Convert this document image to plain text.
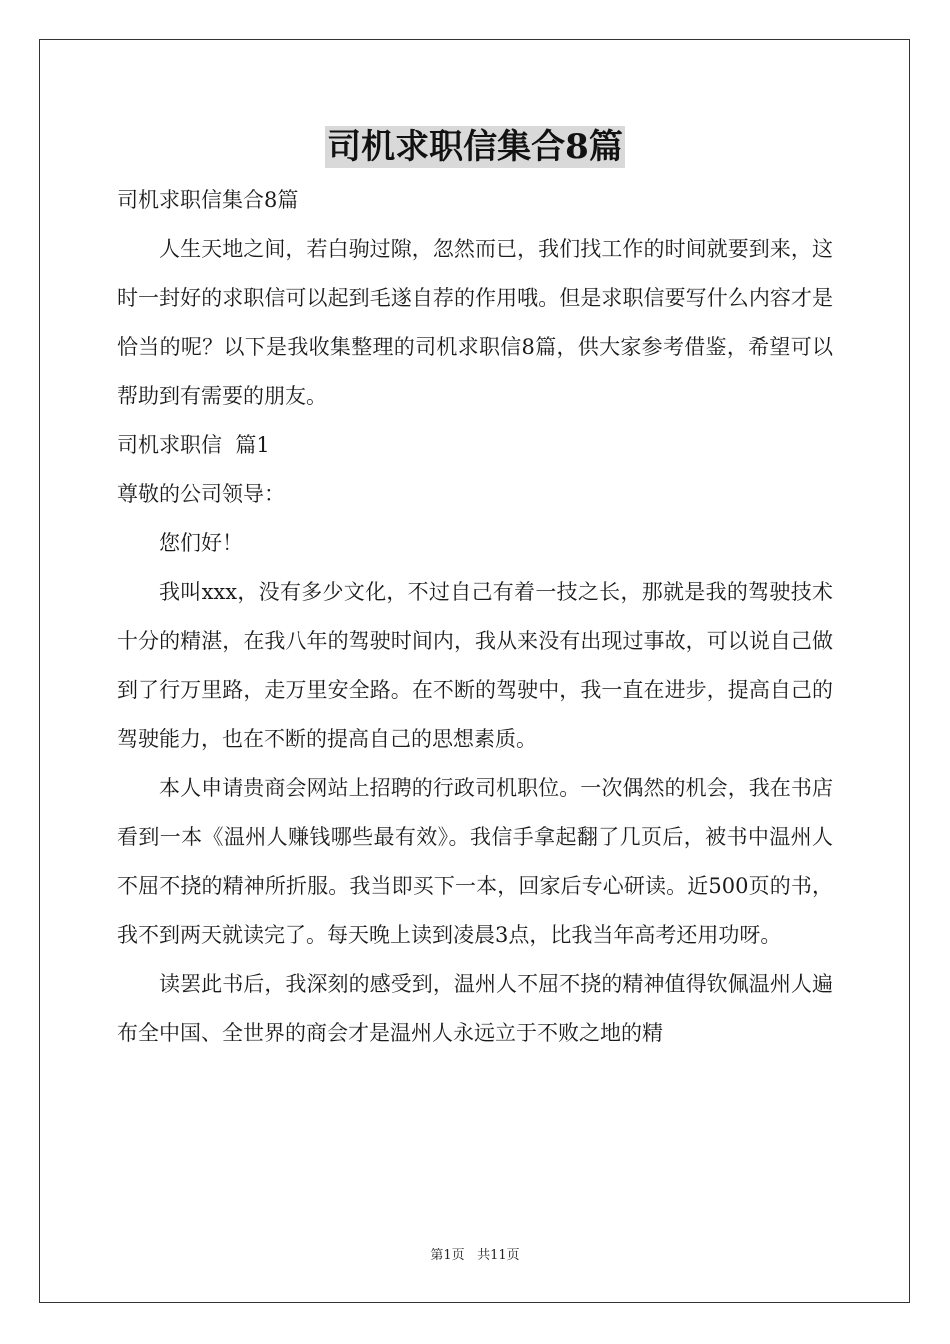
司机求职信集合8篇

司机求职信集合8篇

人生天地之间，若白驹过隙，忽然而已，我们找工作的时间就要到来，这时一封好的求职信可以起到毛遂自荐的作用哦。但是求职信要写什么内容才是恰当的呢？以下是我收集整理的司机求职信8篇，供大家参考借鉴，希望可以帮助到有需要的朋友。

司机求职信  篇1

尊敬的公司领导：

您们好！

我叫xxx，没有多少文化，不过自己有着一技之长，那就是我的驾驶技术十分的精湛，在我八年的驾驶时间内，我从来没有出现过事故，可以说自己做到了行万里路，走万里安全路。在不断的驾驶中，我一直在进步，提高自己的驾驶能力，也在不断的提高自己的思想素质。

本人申请贵商会网站上招聘的行政司机职位。一次偶然的机会，我在书店看到一本《温州人赚钱哪些最有效》。我信手拿起翻了几页后，被书中温州人不屈不挠的精神所折服。我当即买下一本，回家后专心研读。近500页的书，我不到两天就读完了。每天晚上读到凌晨3点，比我当年高考还用功呀。

读罢此书后，我深刻的感受到，温州人不屈不挠的精神值得钦佩温州人遍布全中国、全世界的商会才是温州人永远立于不败之地的精

第1页 共11页
